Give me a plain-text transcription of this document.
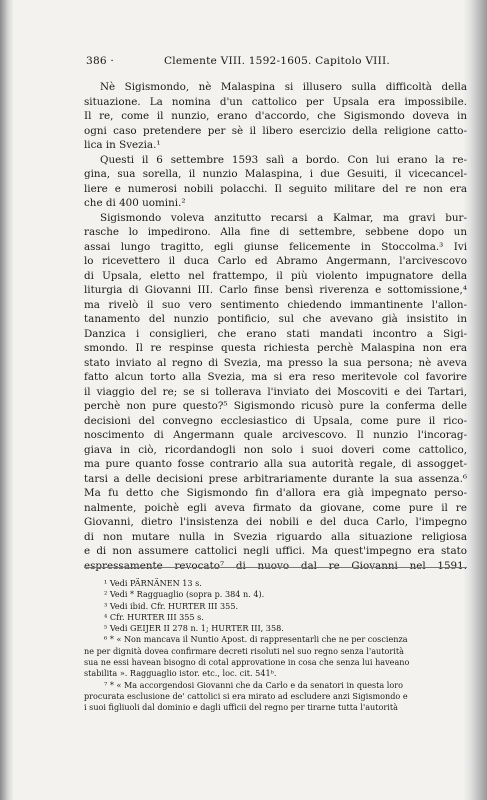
386 ·	Clemente VIII. 1592-1605. Capitolo VIII.
Nè Sigismondo, nè Malaspina si illusero sulla difficoltà della
situazione. La nomina d'un cattolico per Upsala era impossibile.
Il re, come il nunzio, erano d'accordo, che Sigismondo doveva in
ogni caso pretendere per sè il libero esercizio della religione catto-
lica in Svezia.¹
Questi il 6 settembre 1593 salì a bordo. Con lui erano la re-
gina, sua sorella, il nunzio Malaspina, i due Gesuiti, il vicecancel-
liere e numerosi nobili polacchi. Il seguito militare del re non era
che di 400 uomini.²
Sigismondo voleva anzitutto recarsi a Kalmar, ma gravi bur-
rasche lo impedirono. Alla fine di settembre, sebbene dopo un
assai lungo tragitto, egli giunse felicemente in Stoccolma.³ Ivi
lo ricevettero il duca Carlo ed Abramo Angermann, l'arcivescovo
di Upsala, eletto nel frattempo, il più violento impugnatore della
liturgia di Giovanni III. Carlo finse bensì riverenza e sottomissione,⁴
ma rivelò il suo vero sentimento chiedendo immantinente l'allon-
tanamento del nunzio pontificio, sul che avevano già insistito in
Danzica i consiglieri, che erano stati mandati incontro a Sigi-
smondo. Il re respinse questa richiesta perchè Malaspina non era
stato inviato al regno di Svezia, ma presso la sua persona; nè aveva
fatto alcun torto alla Svezia, ma si era reso meritevole col favorire
il viaggio del re; se si tollerava l'inviato dei Moscoviti e dei Tartari,
perchè non pure questo?⁵ Sigismondo ricusò pure la conferma delle
decisioni del convegno ecclesiastico di Upsala, come pure il rico-
noscimento di Angermann quale arcivescovo. Il nunzio l'incorag-
giava in ciò, ricordandogli non solo i suoi doveri come cattolico,
ma pure quanto fosse contrario alla sua autorità regale, di assogget-
tarsi a delle decisioni prese arbitrariamente durante la sua assenza.⁶
Ma fu detto che Sigismondo fin d'allora era già impegnato perso-
nalmente, poichè egli aveva firmato da giovane, come pure il re
Giovanni, dietro l'insistenza dei nobili e del duca Carlo, l'impegno
di non mutare nulla in Svezia riguardo alla situazione religiosa
e di non assumere cattolici negli uffici. Ma quest'impegno era stato
espressamente revocato⁷ di nuovo dal re Giovanni nel 1591.
¹ Vedi PÄRNÄNEN 13 s.
² Vedi * Ragguaglio (sopra p. 384 n. 4).
³ Vedi ibid. Cfr. HURTER III 355.
⁴ Cfr. HURTER III 355 s.
⁵ Vedi GEIJER II 278 n. 1; HURTER III, 358.
⁶ * « Non mancava il Nuntio Apost. di rappresentarli che ne per coscienza
ne per dignità dovea confirmare decreti risoluti nel suo regno senza l'autorità
sua ne essi havean bisogno di cotal approvatione in cosa che senza lui haveano
stabilita ». Ragguaglio istor. etc., loc. cit. 541ᵇ.
⁷ * « Ma accorgendosi Giovanni che da Carlo e da senatori in questa loro
procurata esclusione de' cattolici si era mirato ad escludere anzi Sigismondo e
i suoi figliuoli dal dominio e dagli ufficii del regno per tirarne tutta l'autorità
